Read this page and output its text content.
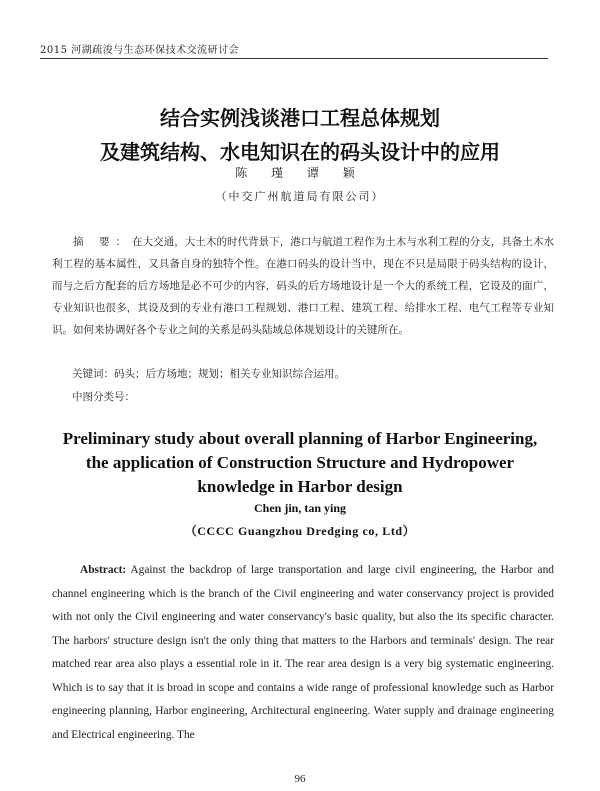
2015 河湖疏浚与生态环保技术交流研讨会
结合实例浅谈港口工程总体规划
及建筑结构、水电知识在的码头设计中的应用
陈 瑾 谭 颖
（中交广州航道局有限公司）

摘 要：在大交通，大土木的时代背景下，港口与航道工程作为土木与水利工程的分支，具备土木水利工程的基本属性，又具备自身的独特个性。在港口码头的设计当中，现在不只是局限于码头结构的设计，而与之后方配套的后方场地是必不可少的内容，码头的后方场地设计是一个大的系统工程，它设及的面广，专业知识也很多，其设及到的专业有港口工程规划、港口工程、建筑工程、给排水工程、电气工程等专业知识。如何来协调好各个专业之间的关系是码头陆域总体规划设计的关键所在。

关键词：码头；后方场地；规划；相关专业知识综合运用。
中图分类号：
Preliminary study about overall planning of Harbor Engineering,
the application of Construction Structure and Hydropower
knowledge in Harbor design
Chen jin, tan ying
（CCCC Guangzhou Dredging co, Ltd）

Abstract: Against the backdrop of large transportation and large civil engineering, the Harbor and channel engineering which is the branch of the Civil engineering and water conservancy project is provided with not only the Civil engineering and water conservancy's basic quality, but also the its specific character. The harbors' structure design isn't the only thing that matters to the Harbors and terminals' design. The rear matched rear area also plays a essential role in it. The rear area design is a very big systematic engineering. Which is to say that it is broad in scope and contains a wide range of professional knowledge such as Harbor engineering planning, Harbor engineering, Architectural engineering. Water supply and drainage engineering and Electrical engineering. The

96
